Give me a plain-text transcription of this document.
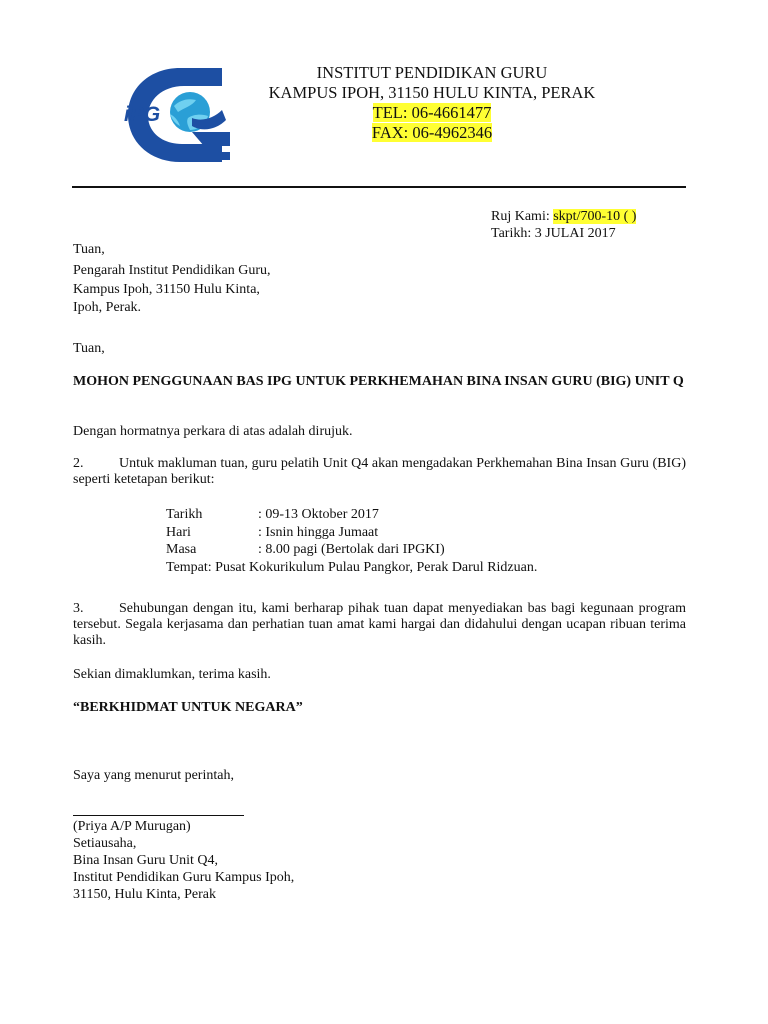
iPG
INSTITUT PENDIDIKAN GURU
KAMPUS IPOH, 31150 HULU KINTA, PERAK
TEL: 06-4661477
FAX: 06-4962346
Ruj Kami: skpt/700-10 ( )
Tarikh: 3 JULAI 2017
Tuan,
Pengarah Institut Pendidikan Guru,
Kampus Ipoh, 31150 Hulu Kinta,
Ipoh, Perak.
Tuan,
MOHON PENGGUNAAN BAS IPG UNTUK PERKHEMAHAN BINA INSAN GURU (BIG) UNIT Q
Dengan hormatnya perkara di atas adalah dirujuk.
2.	Untuk makluman tuan, guru pelatih Unit Q4 akan mengadakan Perkhemahan Bina Insan Guru (BIG) seperti ketetapan berikut:
Tarikh	: 09-13 Oktober 2017
Hari	: Isnin hingga Jumaat
Masa	: 8.00 pagi (Bertolak dari IPGKI)
Tempat: Pusat Kokurikulum Pulau Pangkor, Perak Darul Ridzuan.
3.	Sehubungan dengan itu, kami berharap pihak tuan dapat menyediakan bas bagi kegunaan program tersebut. Segala kerjasama dan perhatian tuan amat kami hargai dan didahului dengan ucapan ribuan terima kasih.
Sekian dimaklumkan, terima kasih.
“BERKHIDMAT UNTUK NEGARA”
Saya yang menurut perintah,
(Priya A/P Murugan)
Setiausaha,
Bina Insan Guru Unit Q4,
Institut Pendidikan Guru Kampus Ipoh,
31150, Hulu Kinta, Perak
